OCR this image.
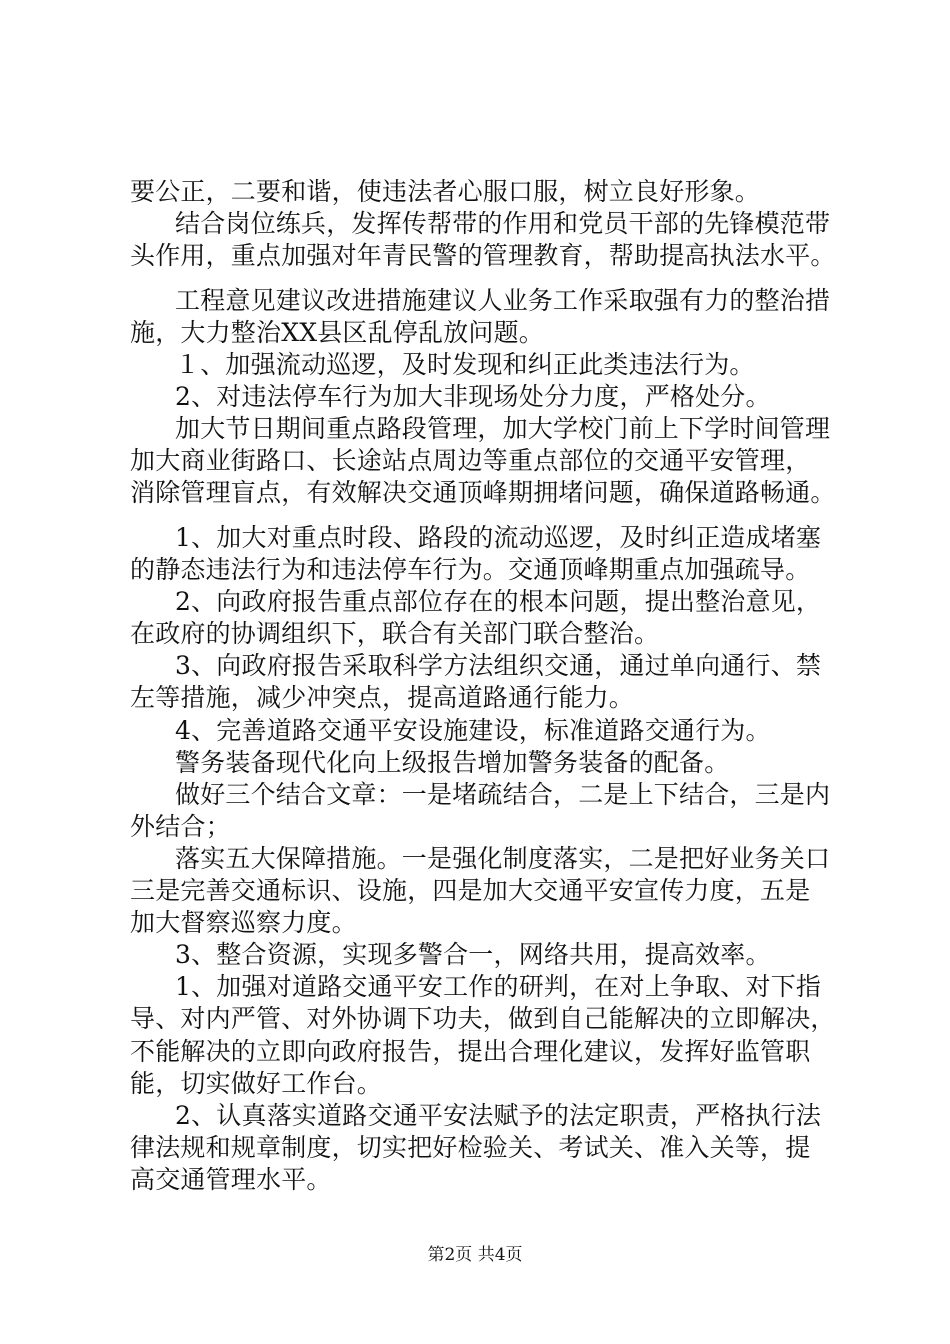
要公正，二要和谐，使违法者心服口服，树立良好形象。
结合岗位练兵，发挥传帮带的作用和党员干部的先锋模范带
头作用，重点加强对年青民警的管理教育，帮助提高执法水平。
工程意见建议改进措施建议人业务工作采取强有力的整治措
施，大力整治XX县区乱停乱放问题。
１、加强流动巡逻，及时发现和纠正此类违法行为。
2、对违法停车行为加大非现场处分力度，严格处分。
加大节日期间重点路段管理，加大学校门前上下学时间管理
加大商业街路口、长途站点周边等重点部位的交通平安管理，
消除管理盲点，有效解决交通顶峰期拥堵问题，确保道路畅通。
1、加大对重点时段、路段的流动巡逻，及时纠正造成堵塞
的静态违法行为和违法停车行为。交通顶峰期重点加强疏导。
2、向政府报告重点部位存在的根本问题，提出整治意见，
在政府的协调组织下，联合有关部门联合整治。
3、向政府报告采取科学方法组织交通，通过单向通行、禁
左等措施，减少冲突点，提高道路通行能力。
4、完善道路交通平安设施建设，标准道路交通行为。
警务装备现代化向上级报告增加警务装备的配备。
做好三个结合文章：一是堵疏结合，二是上下结合，三是内
外结合；
落实五大保障措施。一是强化制度落实，二是把好业务关口
三是完善交通标识、设施，四是加大交通平安宣传力度，五是
加大督察巡察力度。
3、整合资源，实现多警合一，网络共用，提高效率。
1、加强对道路交通平安工作的研判，在对上争取、对下指
导、对内严管、对外协调下功夫，做到自己能解决的立即解决，
不能解决的立即向政府报告，提出合理化建议，发挥好监管职
能，切实做好工作台。
2、认真落实道路交通平安法赋予的法定职责，严格执行法
律法规和规章制度，切实把好检验关、考试关、准入关等，提
高交通管理水平。
第2页 共4页
